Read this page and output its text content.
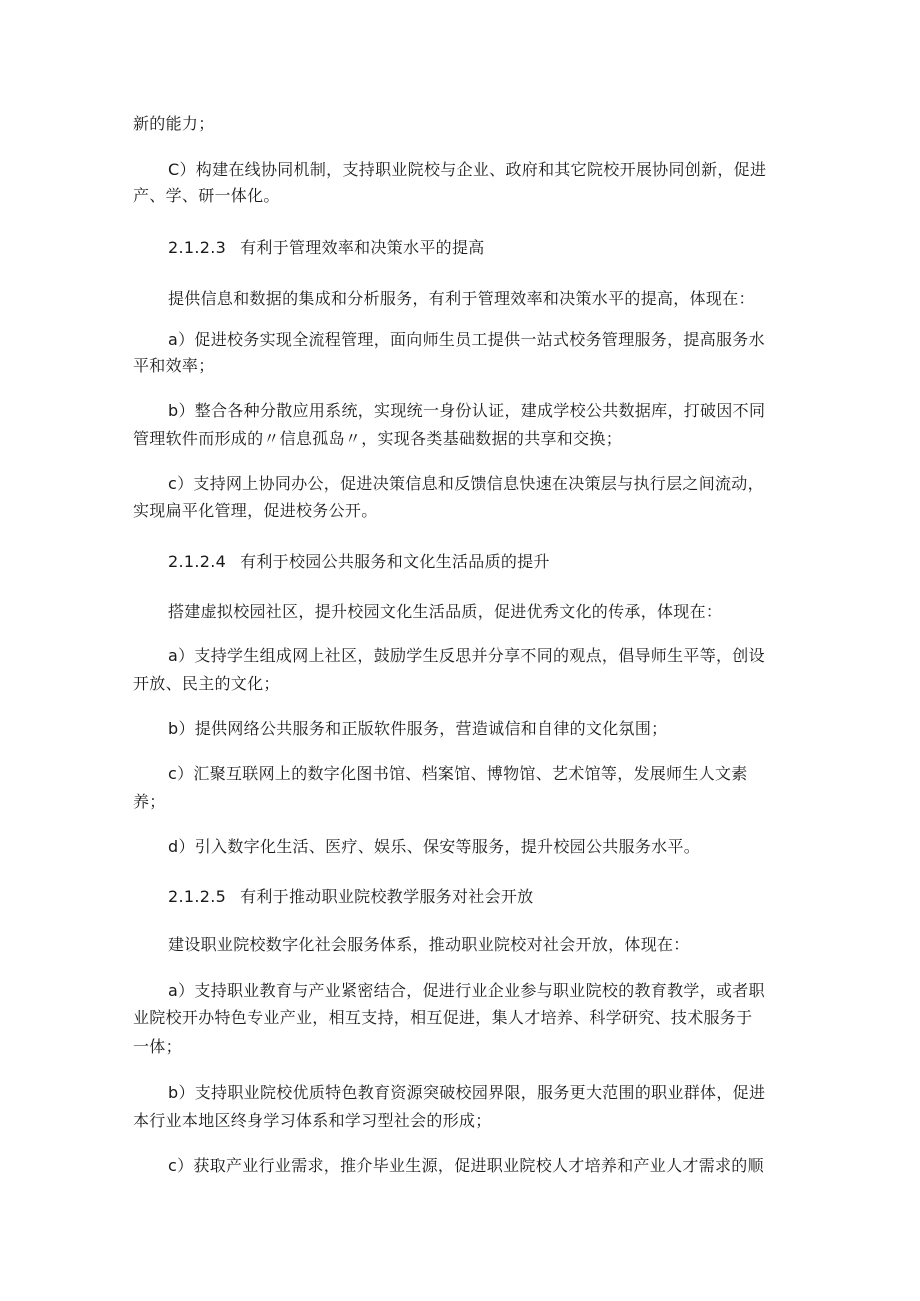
新的能力；
C）构建在线协同机制，支持职业院校与企业、政府和其它院校开展协同创新，促进
产、学、研一体化。
2.1.2.3 有利于管理效率和决策水平的提高
提供信息和数据的集成和分析服务，有利于管理效率和决策水平的提高，体现在：
a）促进校务实现全流程管理，面向师生员工提供一站式校务管理服务，提高服务水
平和效率；
b）整合各种分散应用系统，实现统一身份认证，建成学校公共数据库，打破因不同
管理软件而形成的〃信息孤岛〃，实现各类基础数据的共享和交换；
c）支持网上协同办公，促进决策信息和反馈信息快速在决策层与执行层之间流动，
实现扁平化管理，促进校务公开。
2.1.2.4 有利于校园公共服务和文化生活品质的提升
搭建虚拟校园社区，提升校园文化生活品质，促进优秀文化的传承，体现在：
a）支持学生组成网上社区，鼓励学生反思并分享不同的观点，倡导师生平等，创设
开放、民主的文化；
b）提供网络公共服务和正版软件服务，营造诚信和自律的文化氛围；
c）汇聚互联网上的数字化图书馆、档案馆、博物馆、艺术馆等，发展师生人文素
养；
d）引入数字化生活、医疗、娱乐、保安等服务，提升校园公共服务水平。
2.1.2.5 有利于推动职业院校教学服务对社会开放
建设职业院校数字化社会服务体系，推动职业院校对社会开放，体现在：
a）支持职业教育与产业紧密结合，促进行业企业参与职业院校的教育教学，或者职
业院校开办特色专业产业，相互支持，相互促进，集人才培养、科学研究、技术服务于
一体；
b）支持职业院校优质特色教育资源突破校园界限，服务更大范围的职业群体，促进
本行业本地区终身学习体系和学习型社会的形成；
c）获取产业行业需求，推介毕业生源，促进职业院校人才培养和产业人才需求的顺
